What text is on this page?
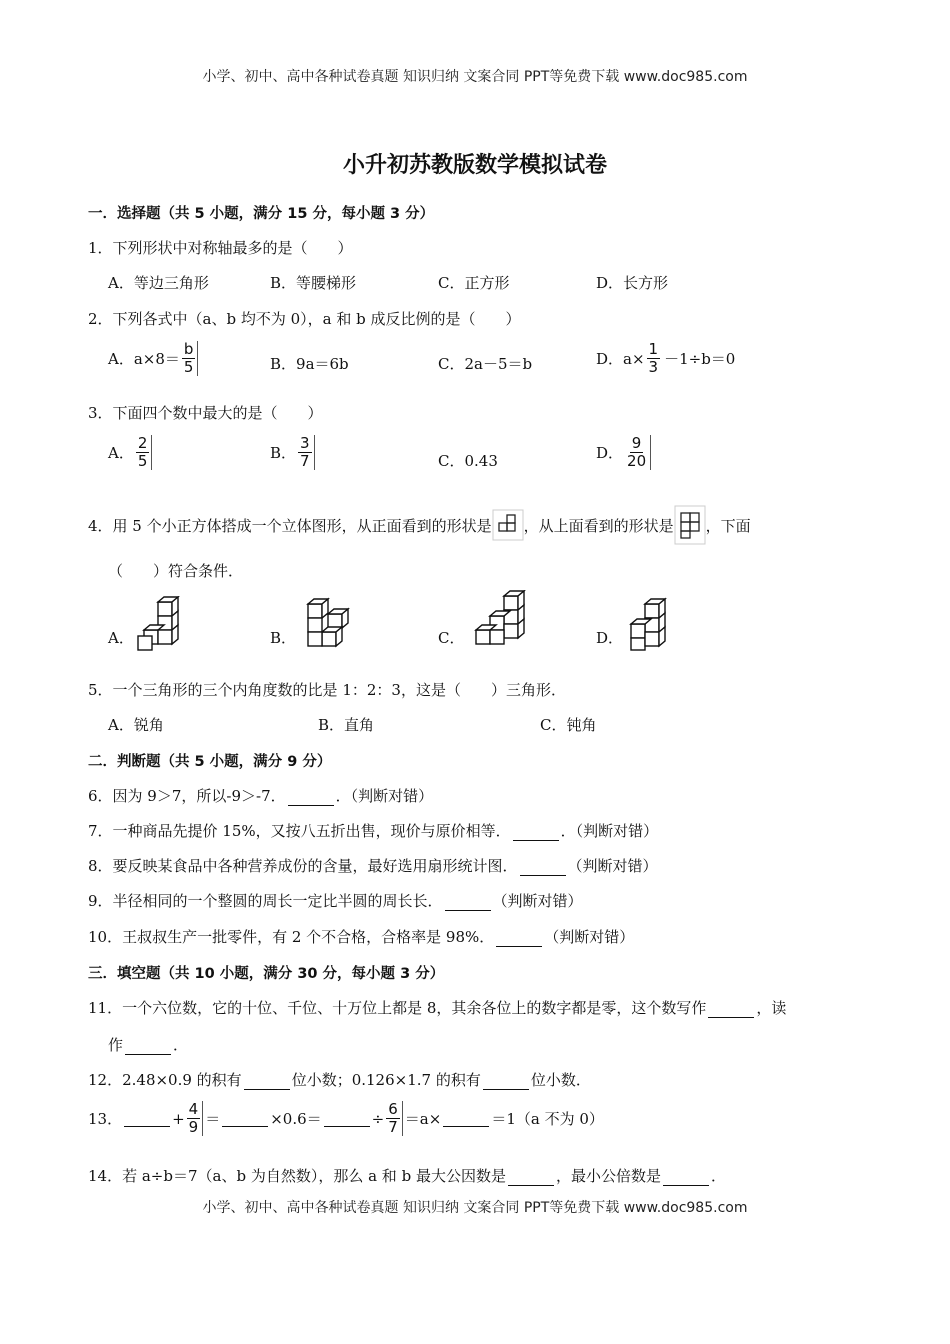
小学、初中、高中各种试卷真题 知识归纳 文案合同 PPT等免费下载 www.doc985.com
小升初苏教版数学模拟试卷
一．选择题（共 5 小题，满分 15 分，每小题 3 分）
1．下列形状中对称轴最多的是（　　）
A．等边三角形	B．等腰梯形	C．正方形	D．长方形
2．下列各式中（a、b 均不为 0），a 和 b 成反比例的是（　　）
A．$a\times 8= \frac{b}{5}$	B．9a＝6b	C．2a－5＝b	D．$a\times \frac{1}{3} -1\div b=0$
3．下面四个数中最大的是（　　）
A． $\frac{2}{5}$	B． $\frac{3}{7}$	C．0.43	D． $\frac{9}{20}$
4．用 5 个小正方体搭成一个立体图形，从正面看到的形状是 ，从上面看到的形状是 ，下面
（　　）符合条件．
A．	B．	C．	D．
5．一个三角形的三个内角度数的比是 1：2：3，这是（　　）三角形．
A．锐角	B．直角	C．钝角
二．判断题（共 5 小题，满分 9 分）
6．因为 9＞7，所以-9＞-7．	．（判断对错）
7．一种商品先提价 15%，又按八五折出售，现价与原价相等．	．（判断对错）
8．要反映某食品中各种营养成份的含量，最好选用扇形统计图．	（判断对错）
9．半径相同的一个整圆的周长一定比半圆的周长长．	（判断对错）
10．王叔叔生产一批零件，有 2 个不合格，合格率是 98%．	（判断对错）
三．填空题（共 10 小题，满分 30 分，每小题 3 分）
11．一个六位数，它的十位、千位、十万位上都是 8，其余各位上的数字都是零，这个数写作	，读
作	．
12．2.48×0.9 的积有	位小数；0.126×1.7 的积有	位小数．
13．	+ $\frac{4}{9}$ ＝	×0.6＝	÷ $\frac{6}{7} =a\times$	＝1（a 不为 0）
14．若 a÷b＝7（a、b 为自然数），那么 a 和 b 最大公因数是	，最小公倍数是	．
小学、初中、高中各种试卷真题 知识归纳 文案合同 PPT等免费下载 www.doc985.com
